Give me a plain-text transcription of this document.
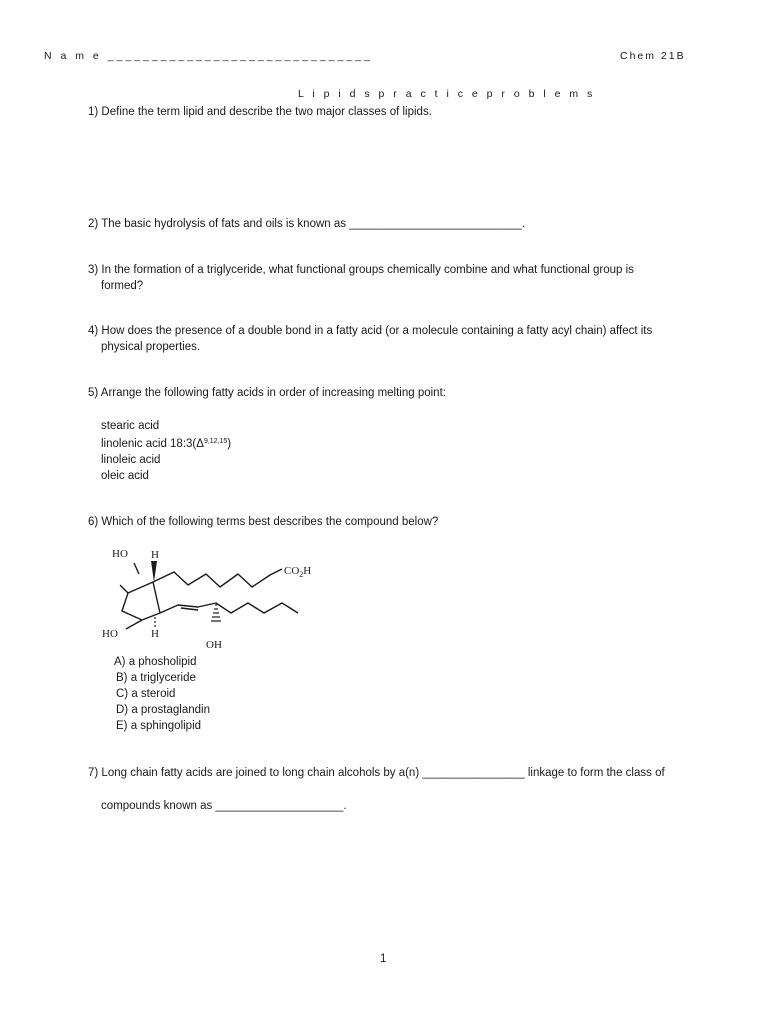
N a m e ______________________________	Chem 21B
L i p i d s p r a c t i c e p r o b l e m s
1) Define the term lipid and describe the two major classes of lipids.
2) The basic hydrolysis of fats and oils is known as ___________________________.
3) In the formation of a triglyceride, what functional groups chemically combine and what functional group is
formed?
4) How does the presence of a double bond in a fatty acid (or a molecule containing a fatty acyl chain) affect its
physical properties.
5) Arrange the following fatty acids in order of increasing melting point:
stearic acid
linolenic acid $18:3(\Delta^{9,12,15})$
linoleic acid
oleic acid
6) Which of the following terms best describes the compound below?
HO H
$CO_2H$
HO	H
OH
A) a phosholipid
B) a triglyceride
C) a steroid
D) a prostaglandin
E) a sphingolipid
7) Long chain fatty acids are joined to long chain alcohols by a(n) ________________ linkage to form the class of
compounds known as ____________________.
1
